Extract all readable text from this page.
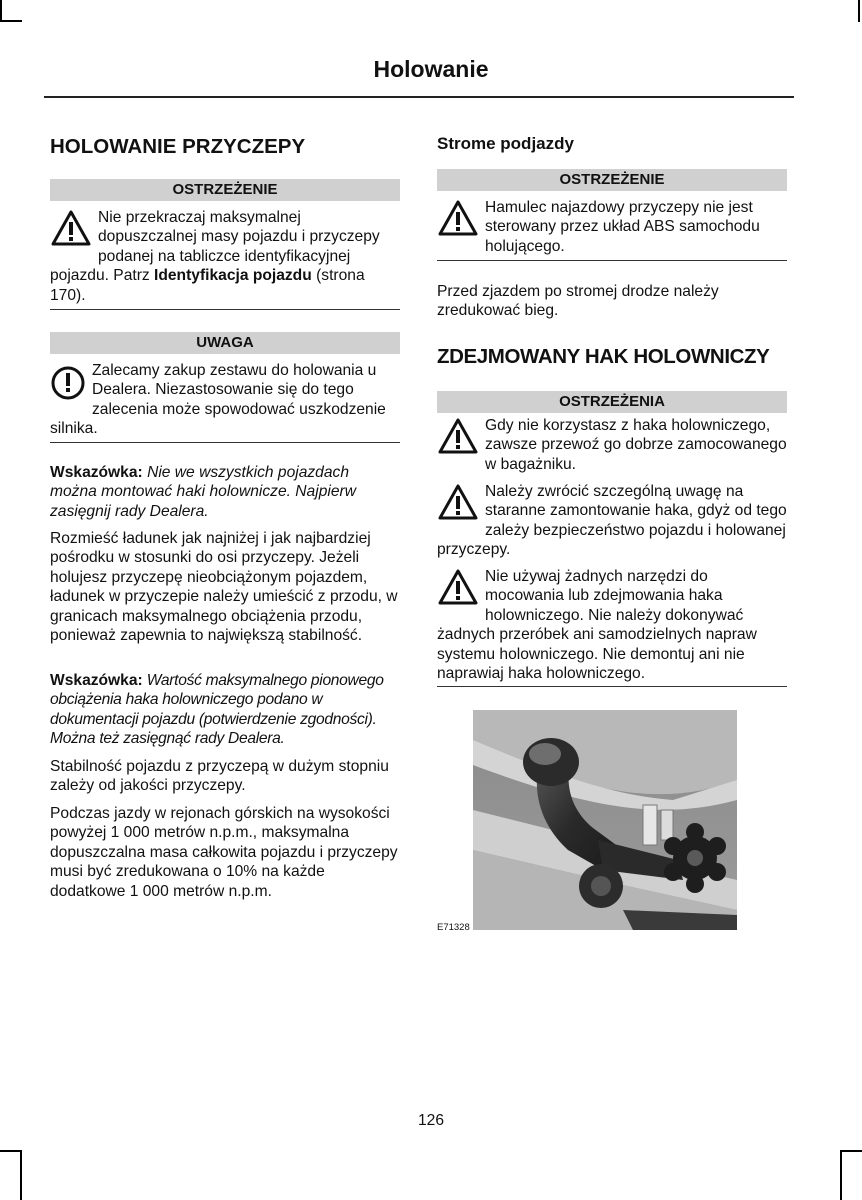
Holowanie
HOLOWANIE PRZYCZEPY
OSTRZEŻENIE

Nie przekraczaj maksymalnej dopuszczalnej masy pojazdu i przyczepy podanej na tabliczce identyfikacyjnej pojazdu. Patrz Identyfikacja pojazdu (strona 170).

UWAGA

Zalecamy zakup zestawu do holowania u Dealera. Niezastosowanie się do tego zalecenia może spowodować uszkodzenie silnika.

Wskazówka: Nie we wszystkich pojazdach można montować haki holownicze. Najpierw zasięgnij rady Dealera.

Rozmieść ładunek jak najniżej i jak najbardziej pośrodku w stosunki do osi przyczepy. Jeżeli holujesz przyczepę nieobciążonym pojazdem, ładunek w przyczepie należy umieścić z przodu, w granicach maksymalnego obciążenia przodu, ponieważ zapewnia to największą stabilność.

Wskazówka: Wartość maksymalnego pionowego obciążenia haka holowniczego podano w dokumentacji pojazdu (potwierdzenie zgodności). Można też zasięgnąć rady Dealera.

Stabilność pojazdu z przyczepą w dużym stopniu zależy od jakości przyczepy.

Podczas jazdy w rejonach górskich na wysokości powyżej 1 000 metrów n.p.m., maksymalna dopuszczalna masa całkowita pojazdu i przyczepy musi być zredukowana o 10% na każde dodatkowe 1 000 metrów n.p.m.

Strome podjazdy
OSTRZEŻENIE

Hamulec najazdowy przyczepy nie jest sterowany przez układ ABS samochodu holującego.

Przed zjazdem po stromej drodze należy zredukować bieg.

ZDEJMOWANY HAK HOLOWNICZY
OSTRZEŻENIA

Gdy nie korzystasz z haka holowniczego, zawsze przewoź go dobrze zamocowanego w bagażniku.

Należy zwrócić szczególną uwagę na staranne zamontowanie haka, gdyż od tego zależy bezpieczeństwo pojazdu i holowanej przyczepy.

Nie używaj żadnych narzędzi do mocowania lub zdejmowania haka holowniczego. Nie należy dokonywać żadnych przeróbek ani samodzielnych napraw systemu holowniczego. Nie demontuj ani nie naprawiaj haka holowniczego.

E71328
126
